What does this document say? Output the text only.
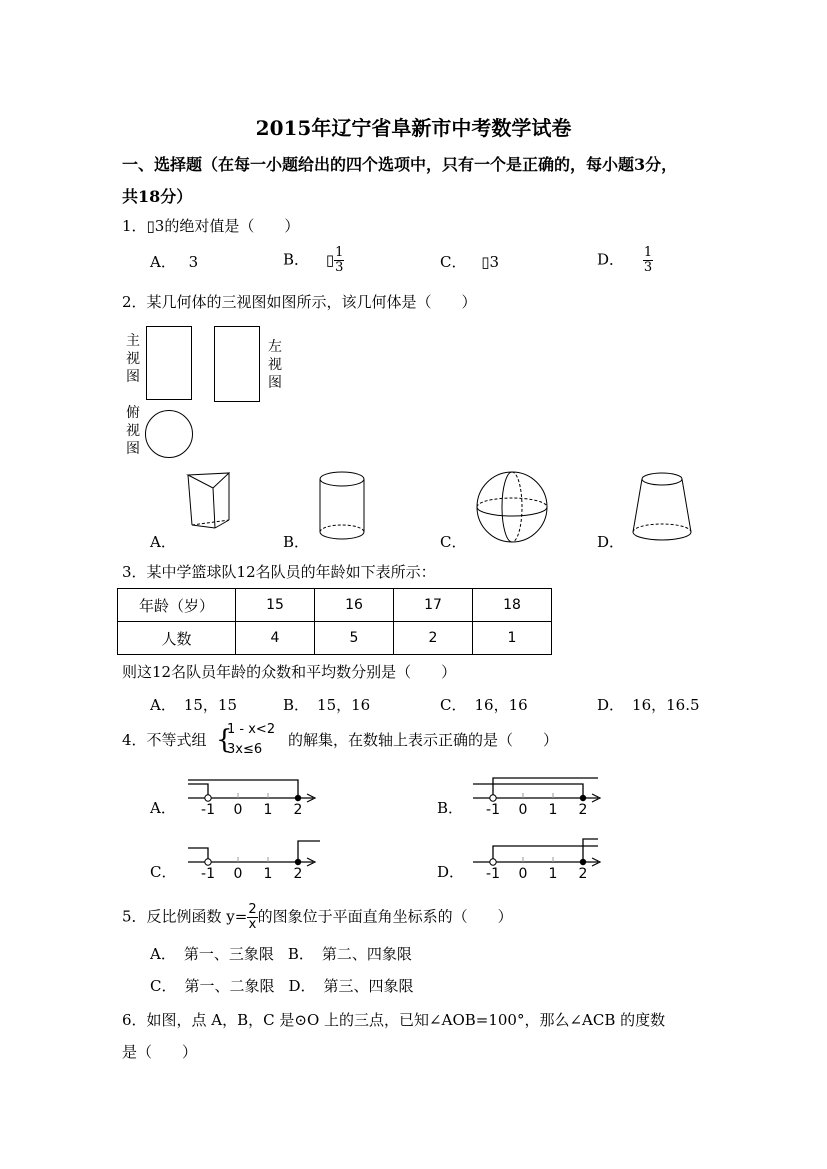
2015年辽宁省阜新市中考数学试卷
一、选择题（在每一小题给出的四个选项中，只有一个是正确的，每小题3分，
共18分）
1．▯3的绝对值是（　　）
A． 3	B． ▯ $\frac{1}{3}$	C． ▯3	D． $\frac{1}{3}$
2．某几何体的三视图如图所示，该几何体是（　　）
主
视
图
左
视
图
俯
视
图
A．	B．	C．	D．
3．某中学篮球队12名队员的年龄如下表所示：
年龄（岁）	15	16	17	18
人数	4	5	2	1
则这12名队员年龄的众数和平均数分别是（　　）
A． 15，15	B． 15，16	C． 16，16	D． 16，16.5
4．不等式组 {
1 - x<2
3x≤6
的解集，在数轴上表示正确的是（　　）
A．	B．
C．	D．
-1 0 1 2	-1 0 1 2
-1 0 1 2	-1 0 1 2
5．反比例函数 $y= \frac{2}{x}$ 的图象位于平面直角坐标系的（　　）
A． 第一、三象限 B． 第二、四象限
C． 第一、二象限 D． 第三、四象限
6．如图，点 A，B，C 是⊙O 上的三点，已知∠AOB=100°，那么∠ACB 的度数
是（　　）
